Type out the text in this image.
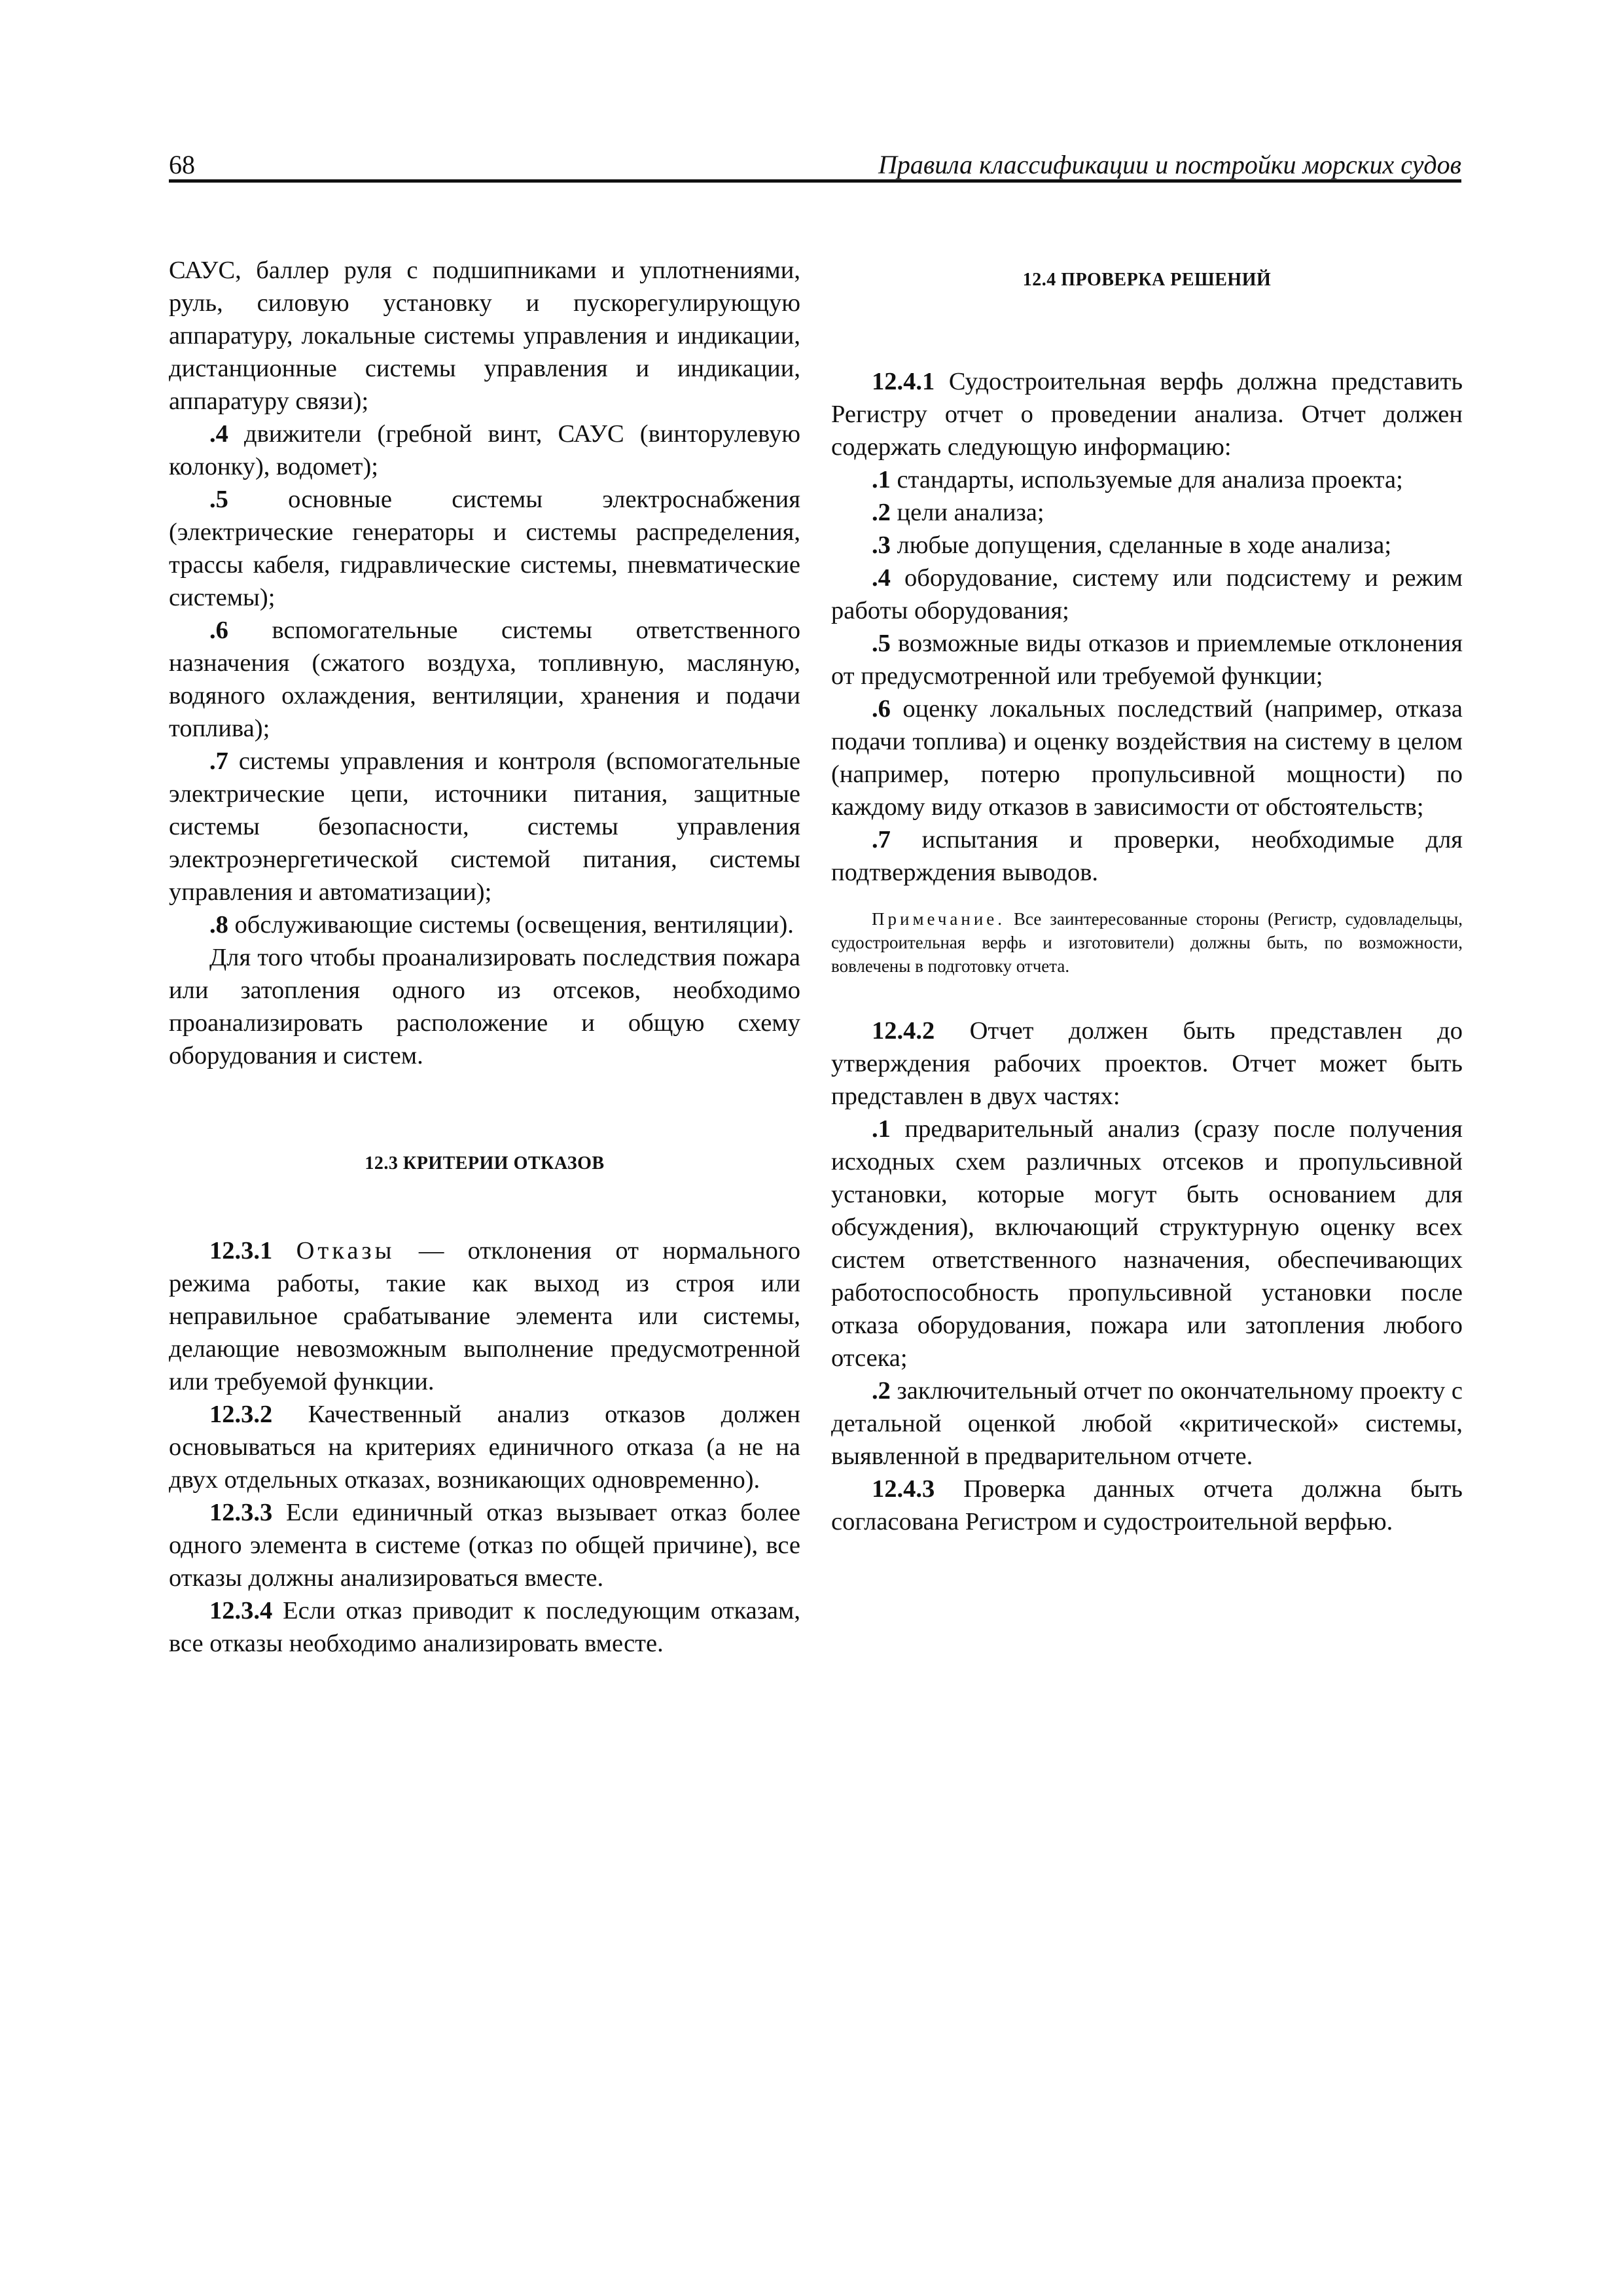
68	Правила классификации и постройки морских судов

САУС, баллер руля с подшипниками и уплотнениями, руль, силовую установку и пускорегулирующую аппаратуру, локальные системы управления и индикации, дистанционные системы управления и индикации, аппаратуру связи);

.4 движители (гребной винт, САУС (винторулевую колонку), водомет);

.5 основные системы электроснабжения (электрические генераторы и системы распределения, трассы кабеля, гидравлические системы, пневматические системы);

.6 вспомогательные системы ответственного назначения (сжатого воздуха, топливную, масляную, водяного охлаждения, вентиляции, хранения и подачи топлива);

.7 системы управления и контроля (вспомогательные электрические цепи, источники питания, защитные системы безопасности, системы управления электроэнергетической системой питания, системы управления и автоматизации);

.8 обслуживающие системы (освещения, вентиляции).

Для того чтобы проанализировать последствия пожара или затопления одного из отсеков, необходимо проанализировать расположение и общую схему оборудования и систем.

12.3 КРИТЕРИИ ОТКАЗОВ

12.3.1 Отказы — отклонения от нормального режима работы, такие как выход из строя или неправильное срабатывание элемента или системы, делающие невозможным выполнение предусмотренной или требуемой функции.

12.3.2 Качественный анализ отказов должен основываться на критериях единичного отказа (а не на двух отдельных отказах, возникающих одновременно).

12.3.3 Если единичный отказ вызывает отказ более одного элемента в системе (отказ по общей причине), все отказы должны анализироваться вместе.

12.3.4 Если отказ приводит к последующим отказам, все отказы необходимо анализировать вместе.

12.4 ПРОВЕРКА РЕШЕНИЙ

12.4.1 Судостроительная верфь должна представить Регистру отчет о проведении анализа. Отчет должен содержать следующую информацию:

.1 стандарты, используемые для анализа проекта;

.2 цели анализа;

.3 любые допущения, сделанные в ходе анализа;

.4 оборудование, систему или подсистему и режим работы оборудования;

.5 возможные виды отказов и приемлемые отклонения от предусмотренной или требуемой функции;

.6 оценку локальных последствий (например, отказа подачи топлива) и оценку воздействия на систему в целом (например, потерю пропульсивной мощности) по каждому виду отказов в зависимости от обстоятельств;

.7 испытания и проверки, необходимые для подтверждения выводов.

Примечание. Все заинтересованные стороны (Регистр, судовладельцы, судостроительная верфь и изготовители) должны быть, по возможности, вовлечены в подготовку отчета.

12.4.2 Отчет должен быть представлен до утверждения рабочих проектов. Отчет может быть представлен в двух частях:

.1 предварительный анализ (сразу после получения исходных схем различных отсеков и пропульсивной установки, которые могут быть основанием для обсуждения), включающий структурную оценку всех систем ответственного назначения, обеспечивающих работоспособность пропульсивной установки после отказа оборудования, пожара или затопления любого отсека;

.2 заключительный отчет по окончательному проекту с детальной оценкой любой «критической» системы, выявленной в предварительном отчете.

12.4.3 Проверка данных отчета должна быть согласована Регистром и судостроительной верфью.
